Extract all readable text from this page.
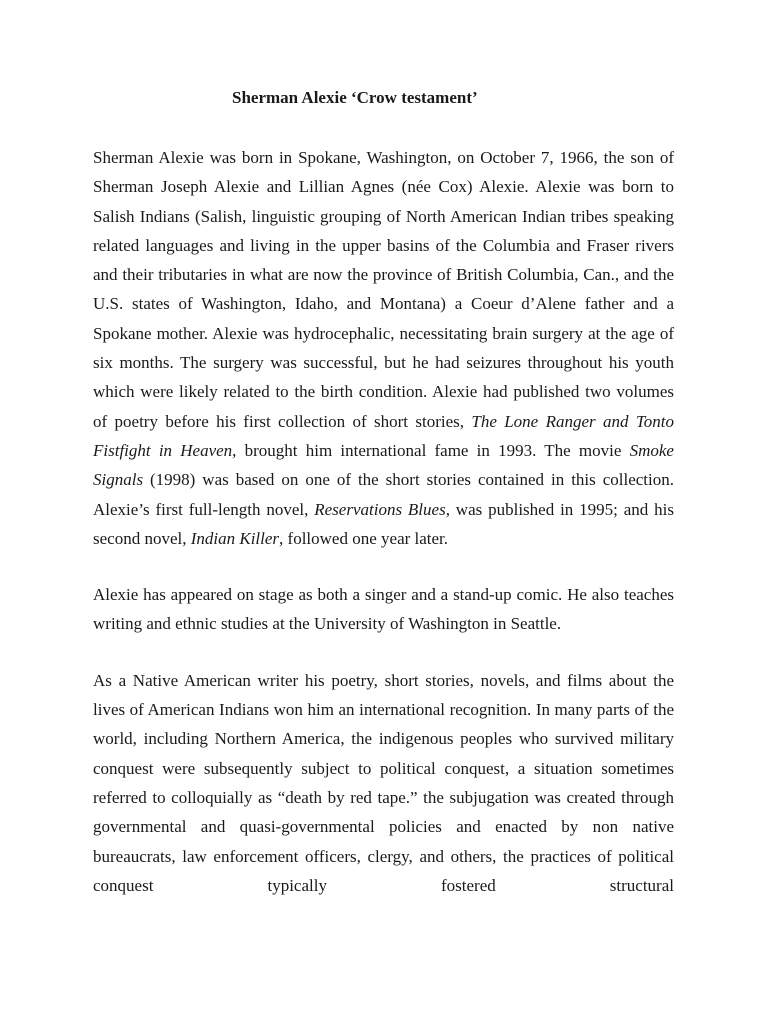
Sherman Alexie ‘Crow testament’

Sherman Alexie was born in Spokane, Washington, on October 7, 1966, the son of Sherman Joseph Alexie and Lillian Agnes (née Cox) Alexie. Alexie was born to Salish Indians (Salish, linguistic grouping of North American Indian tribes speaking related languages and living in the upper basins of the Columbia and Fraser rivers and their tributaries in what are now the province of British Columbia, Can., and the U.S. states of Washington, Idaho, and Montana) a Coeur d’Alene father and a Spokane mother. Alexie was hydrocephalic, necessitating brain surgery at the age of six months. The surgery was successful, but he had seizures throughout his youth which were likely related to the birth condition. Alexie had published two volumes of poetry before his first collection of short stories, The Lone Ranger and Tonto Fistfight in Heaven, brought him international fame in 1993. The movie Smoke Signals (1998) was based on one of the short stories contained in this collection. Alexie’s first full-length novel, Reservations Blues, was published in 1995; and his second novel, Indian Killer, followed one year later.

Alexie has appeared on stage as both a singer and a stand-up comic. He also teaches writing and ethnic studies at the University of Washington in Seattle.

As a Native American writer his poetry, short stories, novels, and films about the lives of American Indians won him an international recognition. In many parts of the world, including Northern America, the indigenous peoples who survived military conquest were subsequently subject to political conquest, a situation sometimes referred to colloquially as “death by red tape.” the subjugation was created through governmental and quasi-governmental policies and enacted by non native bureaucrats, law enforcement officers, clergy, and others, the practices of political conquest typically fostered structural
